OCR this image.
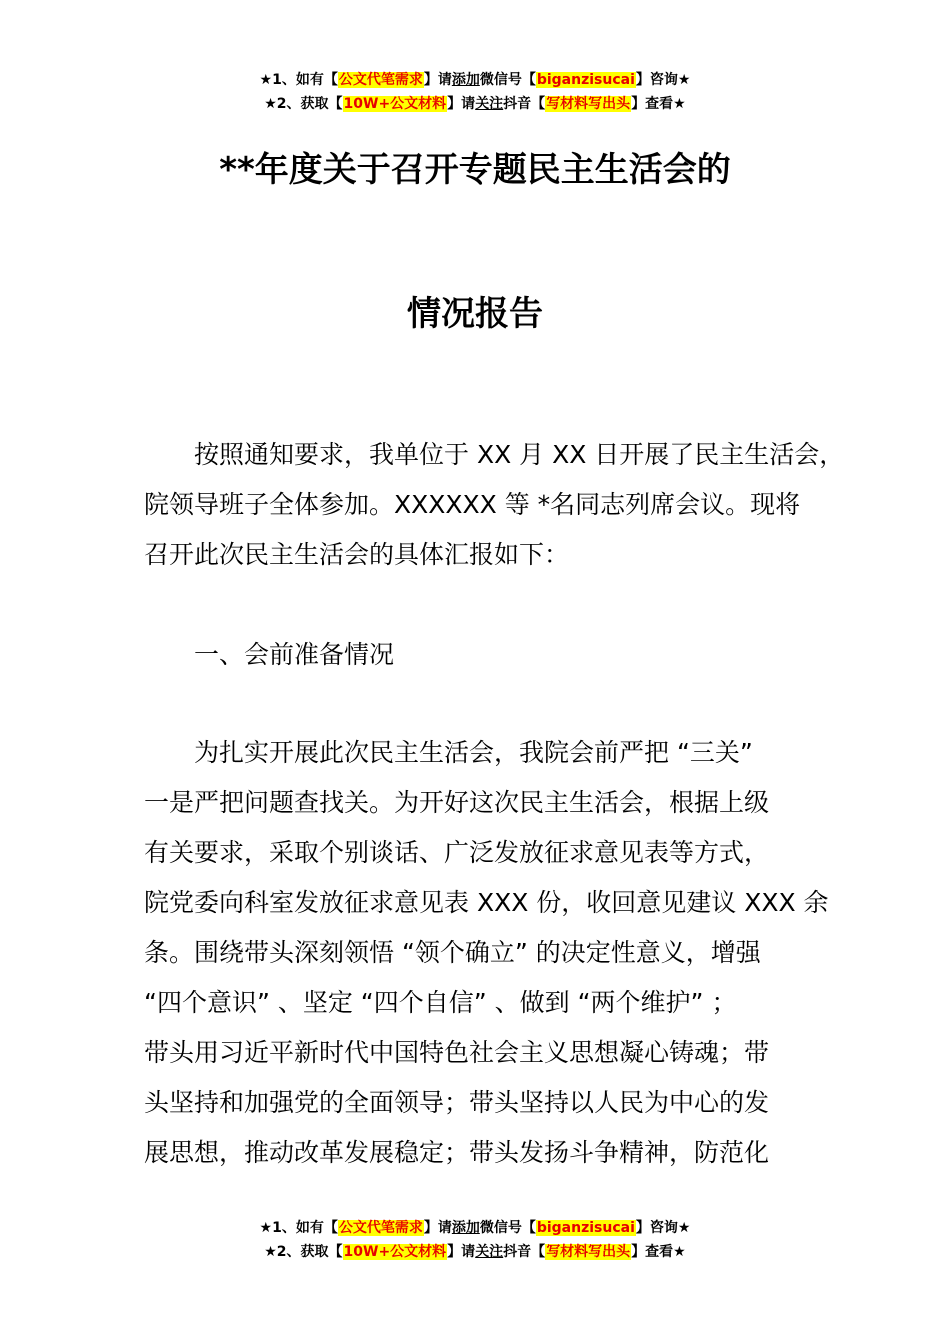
★1、如有【公文代笔需求】请添加微信号【biganzisucai】咨询★
★2、获取【10W+公文材料】请关注抖音【写材料写出头】查看★
**年度关于召开专题民主生活会的
情况报告
按照通知要求，我单位于 XX 月 XX 日开展了民主生活会，
院领导班子全体参加。XXXXXX 等 *名同志列席会议。现将
召开此次民主生活会的具体汇报如下：
一、会前准备情况
为扎实开展此次民主生活会，我院会前严把 “三关”
一是严把问题查找关。为开好这次民主生活会，根据上级
有关要求，采取个别谈话、广泛发放征求意见表等方式，
院党委向科室发放征求意见表 XXX 份，收回意见建议 XXX 余
条。围绕带头深刻领悟 “领个确立” 的决定性意义，增强
“四个意识” 、坚定 “四个自信” 、做到 “两个维护” ；
带头用习近平新时代中国特色社会主义思想凝心铸魂；带
头坚持和加强党的全面领导；带头坚持以人民为中心的发
展思想，推动改革发展稳定；带头发扬斗争精神，防范化
★1、如有【公文代笔需求】请添加微信号【biganzisucai】咨询★
★2、获取【10W+公文材料】请关注抖音【写材料写出头】查看★
